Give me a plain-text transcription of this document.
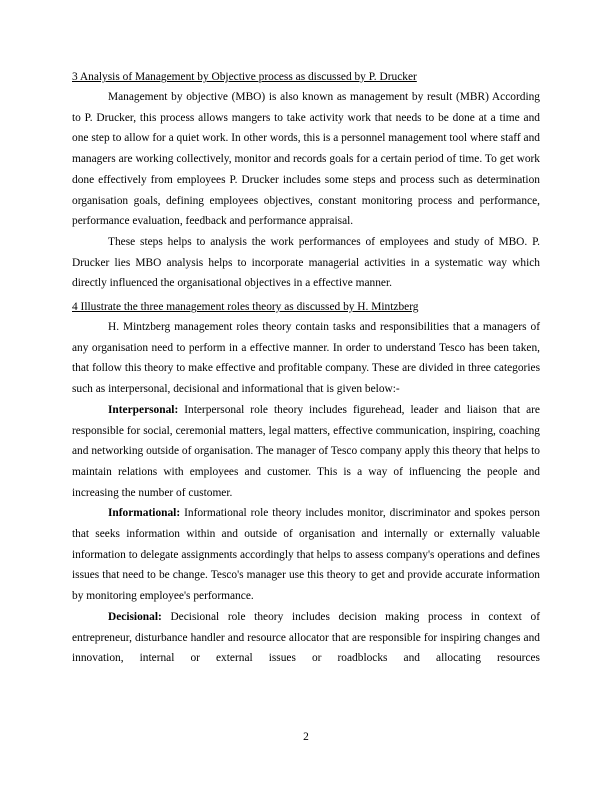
3 Analysis of Management by Objective process as discussed by P. Drucker

Management by objective (MBO) is also known as management by result (MBR) According to P. Drucker, this process allows mangers to take activity work that needs to be done at a time and one step to allow for a quiet work. In other words, this is a personnel management tool where staff and managers are working collectively, monitor and records goals for a certain period of time. To get work done effectively from employees P. Drucker includes some steps and process such as determination organisation goals, defining employees objectives, constant monitoring process and performance, performance evaluation, feedback and performance appraisal.

These steps helps to analysis the work performances of employees and study of MBO. P. Drucker lies MBO analysis helps to incorporate managerial activities in a systematic way which directly influenced the organisational objectives in a effective manner.

4 Illustrate the three management roles theory as discussed by H. Mintzberg

H. Mintzberg management roles theory contain tasks and responsibilities that a managers of any organisation need to perform in a effective manner. In order to understand Tesco has been taken, that follow this theory to make effective and profitable company. These are divided in three categories such as interpersonal, decisional and informational that is given below:-

Interpersonal: Interpersonal role theory includes figurehead, leader and liaison that are responsible for social, ceremonial matters, legal matters, effective communication, inspiring, coaching and networking outside of organisation. The manager of Tesco company apply this theory that helps to maintain relations with employees and customer. This is a way of influencing the people and increasing the number of customer.

Informational: Informational role theory includes monitor, discriminator and spokes person that seeks information within and outside of organisation and internally or externally valuable information to delegate assignments accordingly that helps to assess company's operations and defines issues that need to be change. Tesco's manager use this theory to get and provide accurate information by monitoring employee's performance.

Decisional: Decisional role theory includes decision making process in context of entrepreneur, disturbance handler and resource allocator that are responsible for inspiring changes and innovation, internal or external issues or roadblocks and allocating resources

2
